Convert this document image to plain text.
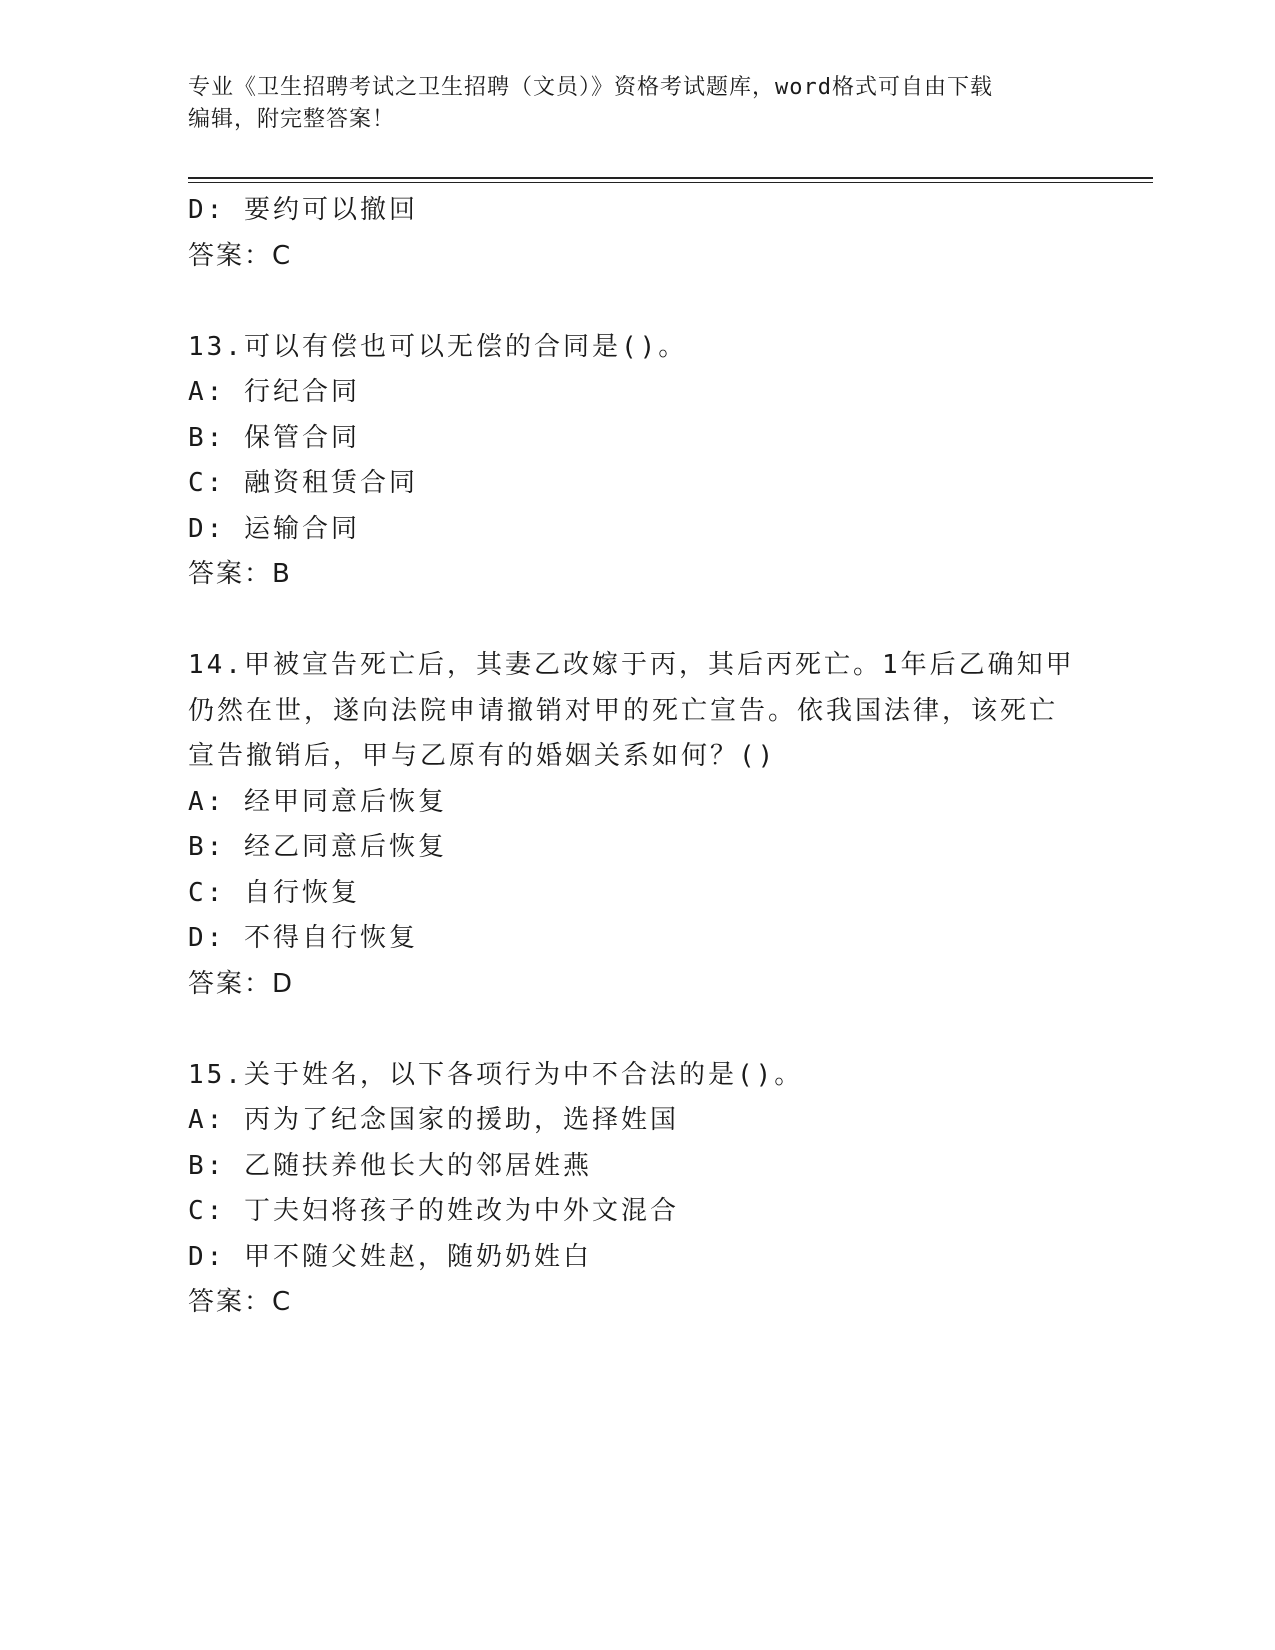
专业《卫生招聘考试之卫生招聘（文员）》资格考试题库，word格式可自由下载
编辑，附完整答案！
D: 要约可以撤回
答案：C
13.可以有偿也可以无偿的合同是()。
A: 行纪合同
B: 保管合同
C: 融资租赁合同
D: 运输合同
答案：B
14.甲被宣告死亡后，其妻乙改嫁于丙，其后丙死亡。1年后乙确知甲
仍然在世，遂向法院申请撤销对甲的死亡宣告。依我国法律，该死亡
宣告撤销后，甲与乙原有的婚姻关系如何？()
A: 经甲同意后恢复
B: 经乙同意后恢复
C: 自行恢复
D: 不得自行恢复
答案：D
15.关于姓名，以下各项行为中不合法的是()。
A: 丙为了纪念国家的援助，选择姓国
B: 乙随扶养他长大的邻居姓燕
C: 丁夫妇将孩子的姓改为中外文混合
D: 甲不随父姓赵，随奶奶姓白
答案：C
